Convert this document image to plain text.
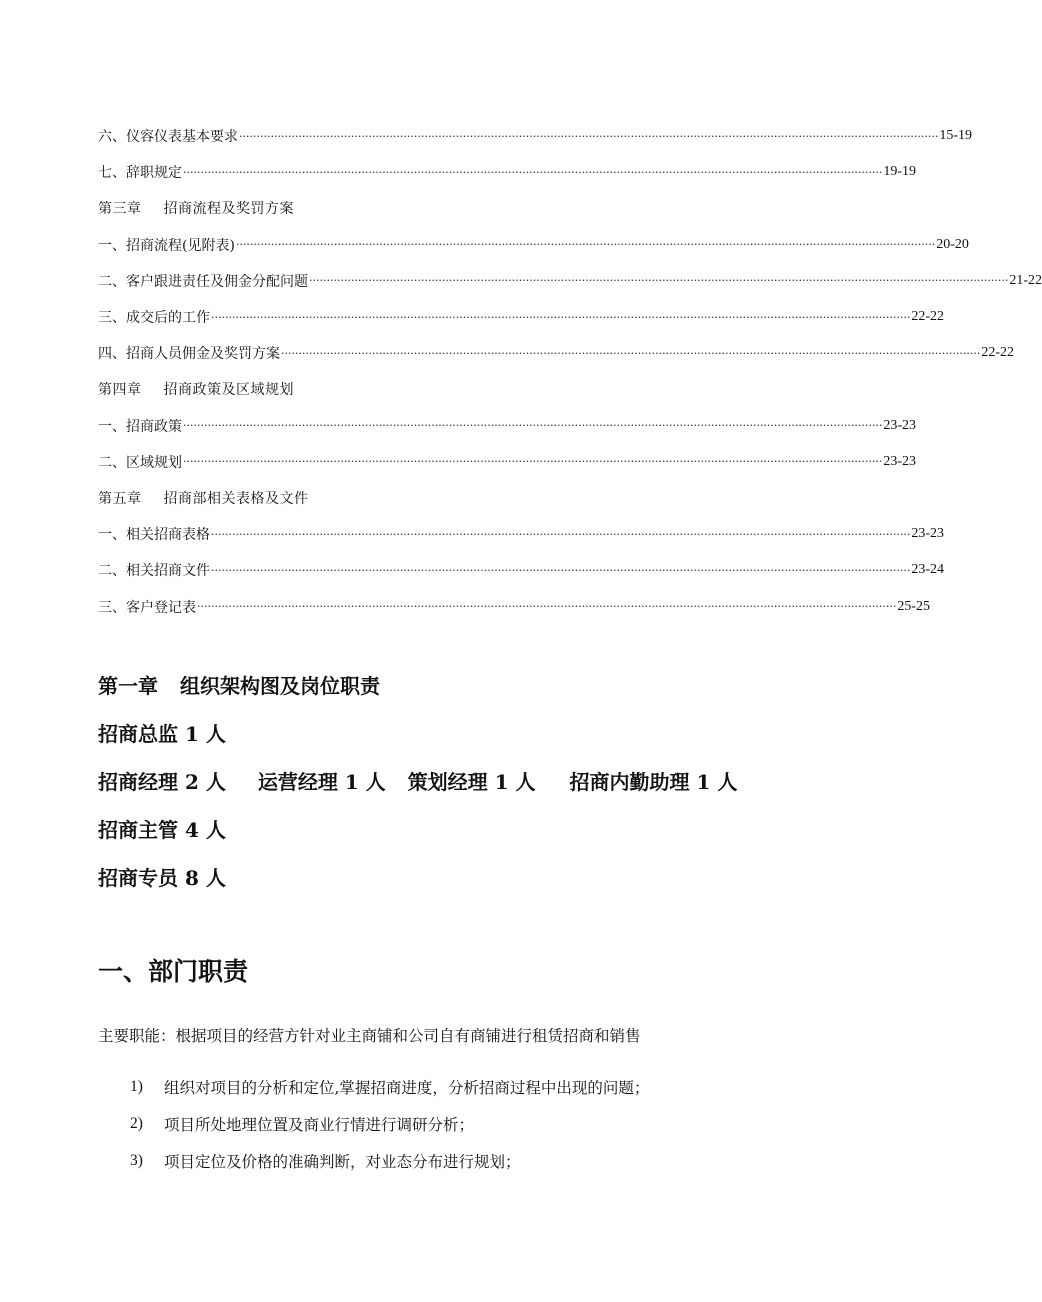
六、仪容仪表基本要求 ········································································································································································································ 15-19
七、辞职规定 ········································································································································································································ 19-19
第三章 招商流程及奖罚方案
一、招商流程(见附表) ········································································································································································································ 20-20
二、客户跟进责任及佣金分配问题 ········································································································································································································ 21-22
三、成交后的工作 ········································································································································································································ 22-22
四、招商人员佣金及奖罚方案 ········································································································································································································ 22-22
第四章 招商政策及区域规划
一、招商政策 ········································································································································································································ 23-23
二、区域规划 ········································································································································································································ 23-23
第五章 招商部相关表格及文件
一、相关招商表格 ········································································································································································································ 23-23
二、相关招商文件 ········································································································································································································ 23-24
三、客户登记表 ········································································································································································································ 25-25
第一章 组织架构图及岗位职责
招商总监 1 人
招商经理 2 人 运营经理 1 人 策划经理 1 人 招商内勤助理 1 人
招商主管 4 人
招商专员 8 人
一、部门职责
主要职能：根据项目的经营方针对业主商铺和公司自有商铺进行租赁招商和销售
1)	组织对项目的分析和定位,掌握招商进度，分析招商过程中出现的问题；
2)	项目所处地理位置及商业行情进行调研分析；
3)	项目定位及价格的准确判断，对业态分布进行规划；
